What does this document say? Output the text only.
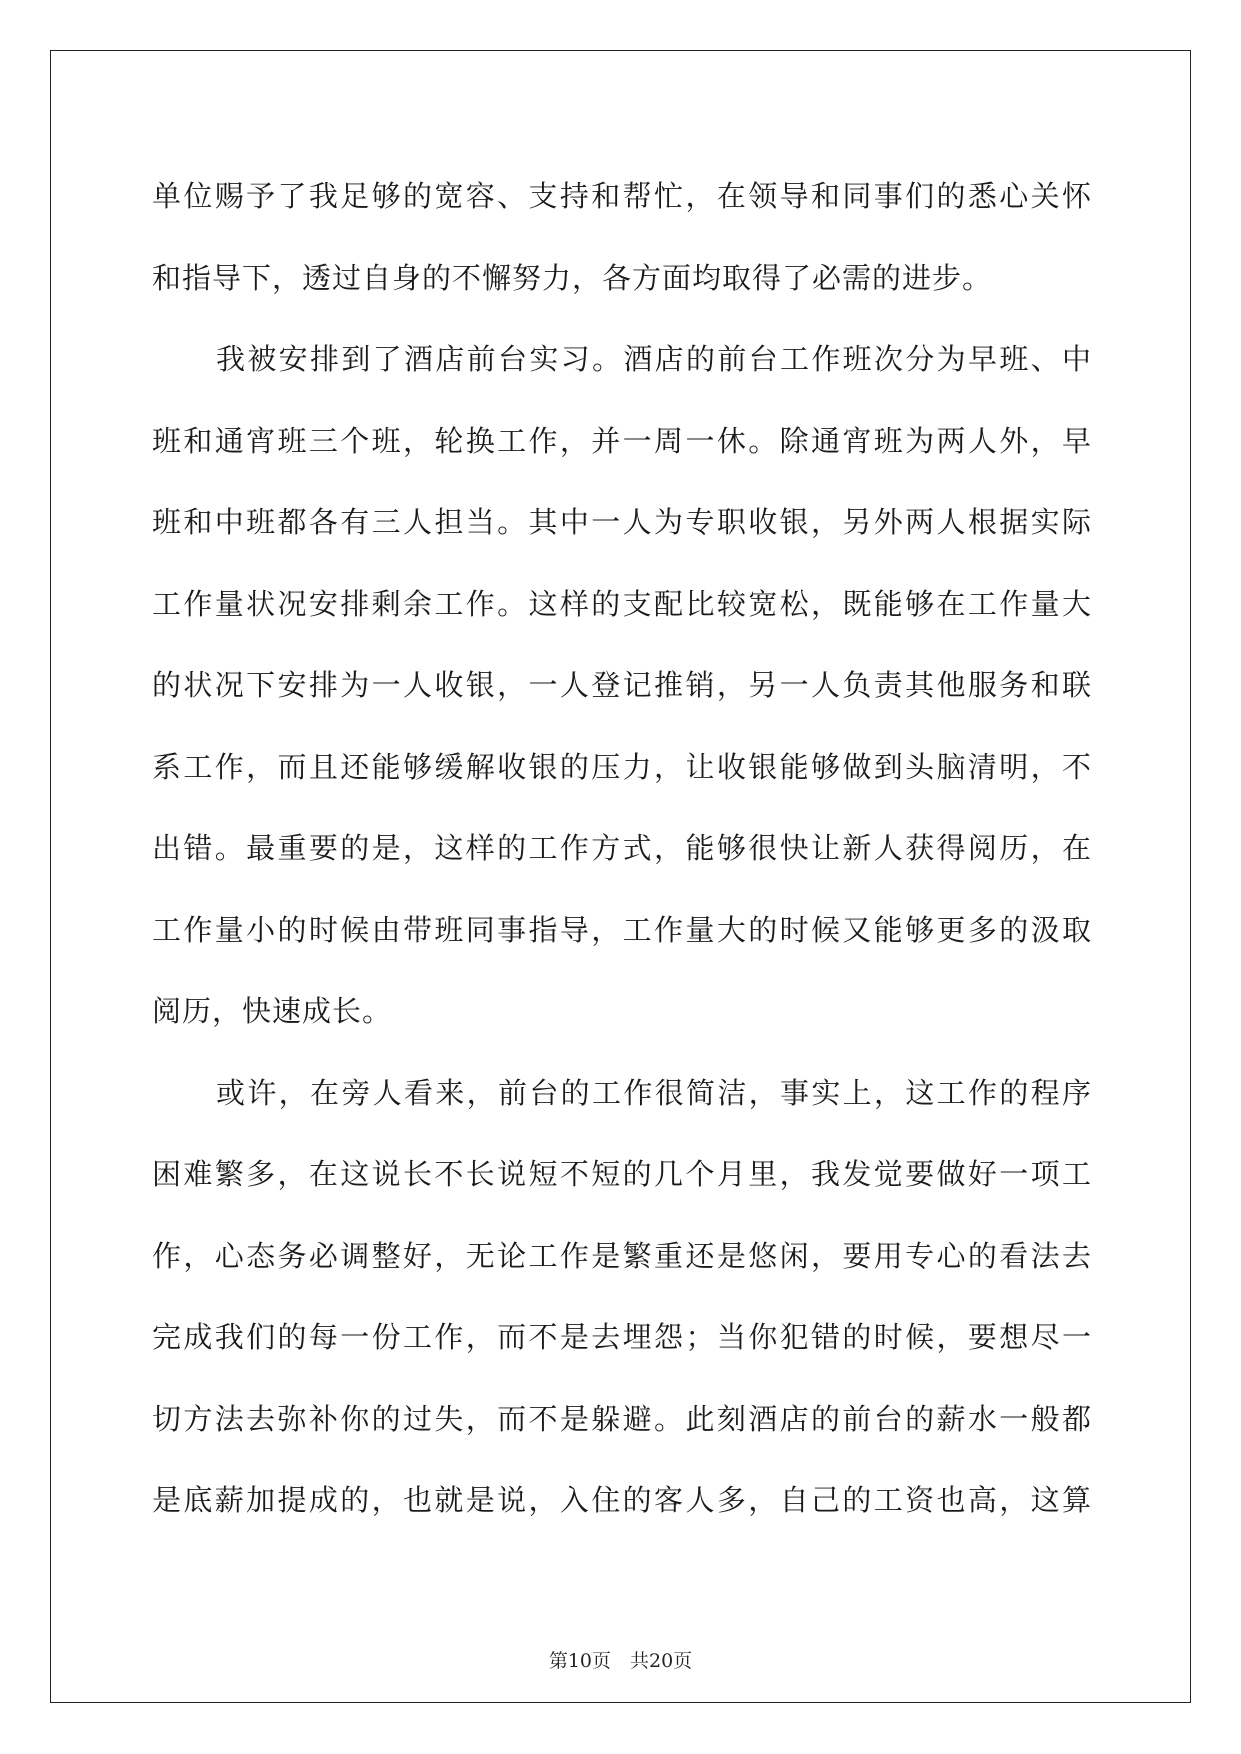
单位赐予了我足够的宽容、支持和帮忙，在领导和同事们的悉心关怀
和指导下，透过自身的不懈努力，各方面均取得了必需的进步。
我被安排到了酒店前台实习。酒店的前台工作班次分为早班、中
班和通宵班三个班，轮换工作，并一周一休。除通宵班为两人外，早
班和中班都各有三人担当。其中一人为专职收银，另外两人根据实际
工作量状况安排剩余工作。这样的支配比较宽松，既能够在工作量大
的状况下安排为一人收银，一人登记推销，另一人负责其他服务和联
系工作，而且还能够缓解收银的压力，让收银能够做到头脑清明，不
出错。最重要的是，这样的工作方式，能够很快让新人获得阅历，在
工作量小的时候由带班同事指导，工作量大的时候又能够更多的汲取
阅历，快速成长。
或许，在旁人看来，前台的工作很简洁，事实上，这工作的程序
困难繁多，在这说长不长说短不短的几个月里，我发觉要做好一项工
作，心态务必调整好，无论工作是繁重还是悠闲，要用专心的看法去
完成我们的每一份工作，而不是去埋怨；当你犯错的时候，要想尽一
切方法去弥补你的过失，而不是躲避。此刻酒店的前台的薪水一般都
是底薪加提成的，也就是说，入住的客人多，自己的工资也高，这算
第10页　共20页
